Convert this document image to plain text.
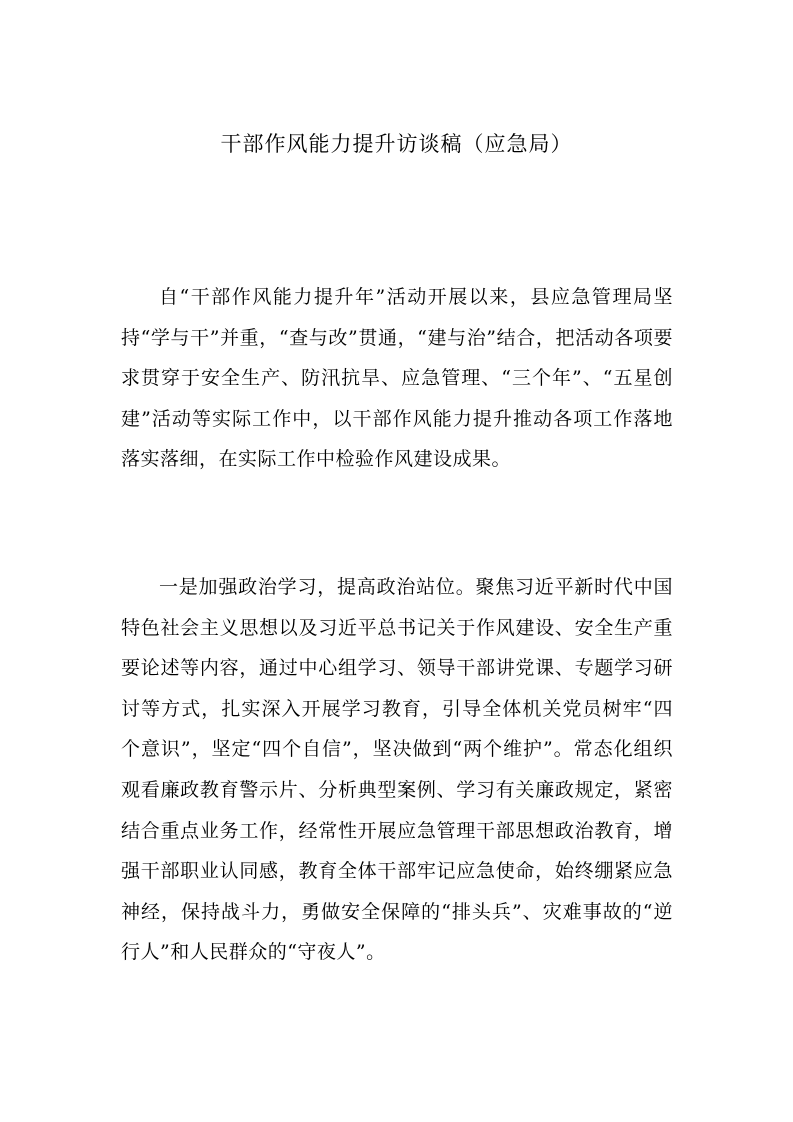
干部作风能力提升访谈稿（应急局）

自“干部作风能力提升年”活动开展以来，县应急管理局坚持“学与干”并重，“查与改”贯通，“建与治”结合，把活动各项要求贯穿于安全生产、防汛抗旱、应急管理、“三个年”、“五星创建”活动等实际工作中，以干部作风能力提升推动各项工作落地落实落细，在实际工作中检验作风建设成果。

一是加强政治学习，提高政治站位。聚焦习近平新时代中国特色社会主义思想以及习近平总书记关于作风建设、安全生产重要论述等内容，通过中心组学习、领导干部讲党课、专题学习研讨等方式，扎实深入开展学习教育，引导全体机关党员树牢“四个意识”，坚定“四个自信”，坚决做到“两个维护”。常态化组织观看廉政教育警示片、分析典型案例、学习有关廉政规定，紧密结合重点业务工作，经常性开展应急管理干部思想政治教育，增强干部职业认同感，教育全体干部牢记应急使命，始终绷紧应急神经，保持战斗力，勇做安全保障的“排头兵”、灾难事故的“逆行人”和人民群众的“守夜人”。
